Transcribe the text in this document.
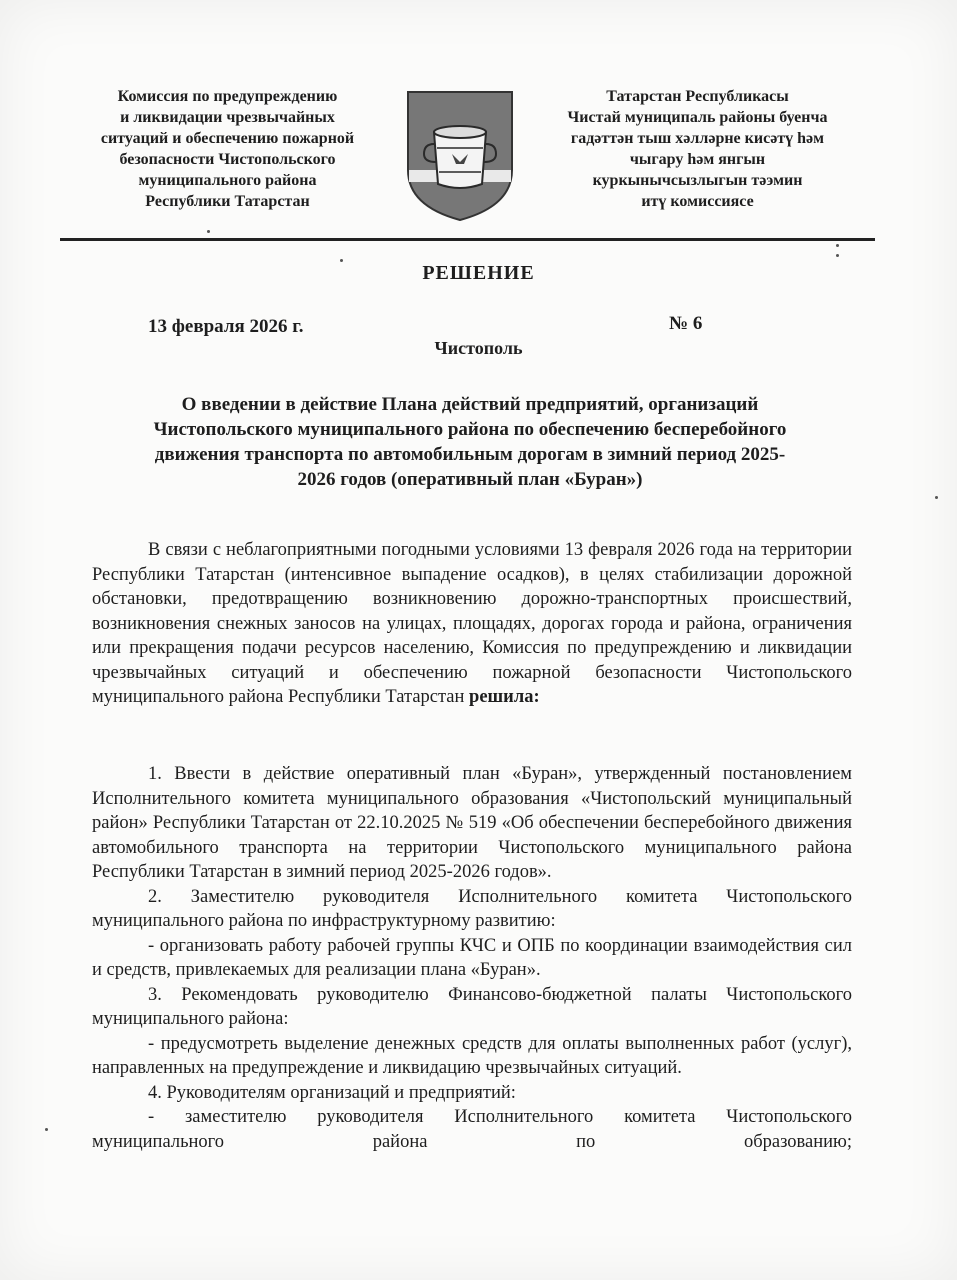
Комиссия по предупреждению
и ликвидации чрезвычайных
ситуаций и обеспечению пожарной
безопасности Чистопольского
муниципального района
Республики Татарстан
Татарстан Республикасы
Чистай муниципаль районы буенча
гадәттән тыш хәлләрне кисәтү һәм
чыгару һәм янгын
куркынычсызлыгын тәэмин
итү комиссиясе
РЕШЕНИЕ
13 февраля 2026 г.	№ 6
Чистополь
О введении в действие Плана действий предприятий, организаций
Чистопольского муниципального района по обеспечению бесперебойного
движения транспорта по автомобильным дорогам в зимний период 2025-
2026 годов (оперативный план «Буран»)

В связи с неблагоприятными погодными условиями 13 февраля 2026 года на территории Республики Татарстан (интенсивное выпадение осадков), в целях стабилизации дорожной обстановки, предотвращению возникновению дорожно-транспортных происшествий, возникновения снежных заносов на улицах, площадях, дорогах города и района, ограничения или прекращения подачи ресурсов населению, Комиссия по предупреждению и ликвидации чрезвычайных ситуаций и обеспечению пожарной безопасности Чистопольского муниципального района Республики Татарстан решила:

1. Ввести в действие оперативный план «Буран», утвержденный постановлением Исполнительного комитета муниципального образования «Чистопольский муниципальный район» Республики Татарстан от 22.10.2025 № 519 «Об обеспечении бесперебойного движения автомобильного транспорта на территории Чистопольского муниципального района Республики Татарстан в зимний период 2025-2026 годов».

2. Заместителю руководителя Исполнительного комитета Чистопольского муниципального района по инфраструктурному развитию:

- организовать работу рабочей группы КЧС и ОПБ по координации взаимодействия сил и средств, привлекаемых для реализации плана «Буран».

3. Рекомендовать руководителю Финансово-бюджетной палаты Чистопольского муниципального района:

- предусмотреть выделение денежных средств для оплаты выполненных работ (услуг), направленных на предупреждение и ликвидацию чрезвычайных ситуаций.

4. Руководителям организаций и предприятий:

- заместителю руководителя Исполнительного комитета Чистопольского муниципального района по образованию;
